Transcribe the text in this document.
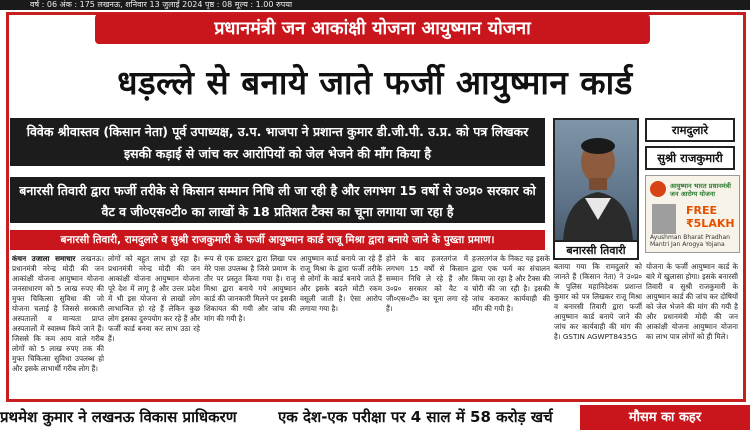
वर्ष : 06 अंक : 175 लखनऊ, शनिवार 13 जुलाई 2024 पृष्ठ : 08 मूल्य : 1.00 रुपया
प्रधानमंत्री जन आकांक्षी योजना आयुष्मान योजना
धड़ल्ले से बनाये जाते फर्जी आयुष्मान कार्ड
विवेक श्रीवास्तव (किसान नेता) पूर्व उपाध्यक्ष, उ.प. भाजपा ने प्रशान्त कुमार डी.जी.पी. उ.प्र. को पत्र लिखकर इसकी कड़ाई से जांच कर आरोपियों को जेल भेजने की माँग किया है
बनारसी तिवारी द्वारा फर्जी तरीके से किसान सम्मान निधि ली जा रही है और लगभग 15 वर्षो से उ०प्र० सरकार को वैट व जी०एस०टी० का लाखों के 18 प्रतिशत टैक्स का चूना लगाया जा रहा है
बनारसी तिवारी, रामदुलारे व सुश्री राजकुमारी के फर्जी आयुष्मान कार्ड राजू मिश्रा द्वारा बनाये जाने के पुख्ता प्रमाण।
बनारसी तिवारी
रामदुलारे
सुश्री राजकुमारी
आयुष्मान भारत प्रधानमंत्री जन आरोग्य योजना
FREE ₹5LAKH
Ayushman Bharat Pradhan Mantri Jan Arogya Yojana
कंचन उजाला समाचार लखनऊ। प्रधानमंत्री नरेन्द्र मोदी की जन आकांक्षी योजना आयुष्मान योजना जनसाधारण को 5 लाख रुपए की मुफ्त चिकित्सा सुविधा की जो योजना चलाई है जिससे सरकारी अस्पतालों व मान्यता प्राप्त अस्पतालों में स्वास्थ्य किये जाने हैं। जिससे कि कम आय वाले गरीब लोगों को 5 लाख रुपए तक की मुफ्त चिकित्सा सुविधा उपलब्ध हो और इसके लाभार्थी गरीब लोग हैं।
लोगों को बहुत लाभ हो रहा है। प्रधानमंत्री नरेन्द्र मोदी की जन आकांक्षी योजना आयुष्मान योजना पूरे देश में लागू है और उत्तर प्रदेश में भी इस योजना से लाखों लोग लाभान्वित हो रहे हैं लेकिन कुछ लोग इसका दुरुपयोग कर रहे हैं और फर्जी कार्ड बनवा कर लाभ उठा रहे हैं।
रूप से एक डाक्टर द्वारा लिखा पत्र मेरे पास उपलब्ध है जिसे प्रमाण के तौर पर प्रस्तुत किया गया है। राजू मिश्रा द्वारा बनाये गये आयुष्मान कार्ड की जानकारी मिलने पर इसकी शिकायत की गयी और जांच की मांग की गयी है।
आयुष्मान कार्ड बनाये जा रहे हैं राजू मिश्रा के द्वारा फर्जी तरीके से लोगों के कार्ड बनाये जाते हैं और इसके बदले मोटी रकम वसूली जाती है। ऐसा आरोप लगाया गया है।
होने के बाद हजरतगंज में लगभग 15 वर्षों से किसान सम्मान निधि ले रहे हैं और उ०प्र० सरकार को वैट व जी०एस०टी० का चूना लगा रहे हैं।
हजरतगंज के निकट यह इसके द्वारा एक फर्म का संचालन किया जा रहा है और टैक्स की चोरी की जा रही है। इसकी जांच कराकर कार्यवाही की माँग की गयी है।
बताया गया कि रामदुलारे को जानते हैं (किसान नेता) ने उ०प्र० के पुलिस महानिदेशक प्रशान्त कुमार को पत्र लिखकर राजू मिश्रा व बनारसी तिवारी द्वारा फर्जी आयुष्मान कार्ड बनाये जाने की जांच कर कार्यवाही की मांग की है। GSTIN AGWPT8435G
योजना के फर्जी आयुष्मान कार्ड के बारे में खुलासा होगा। इसके बनारसी तिवारी व सुश्री राजकुमारी के आयुष्मान कार्ड की जांच कर दोषियों को जेल भेजने की मांग की गयी है और प्रधानमंत्री मोदी की जन आकांक्षी योजना आयुष्मान योजना का लाभ पात्र लोगों को ही मिले।
प्रथमेश कुमार ने लखनऊ विकास प्राधिकरण	एक देश-एक परीक्षा पर 4 साल में 58 करोड़ खर्च	मौसम का कहर
